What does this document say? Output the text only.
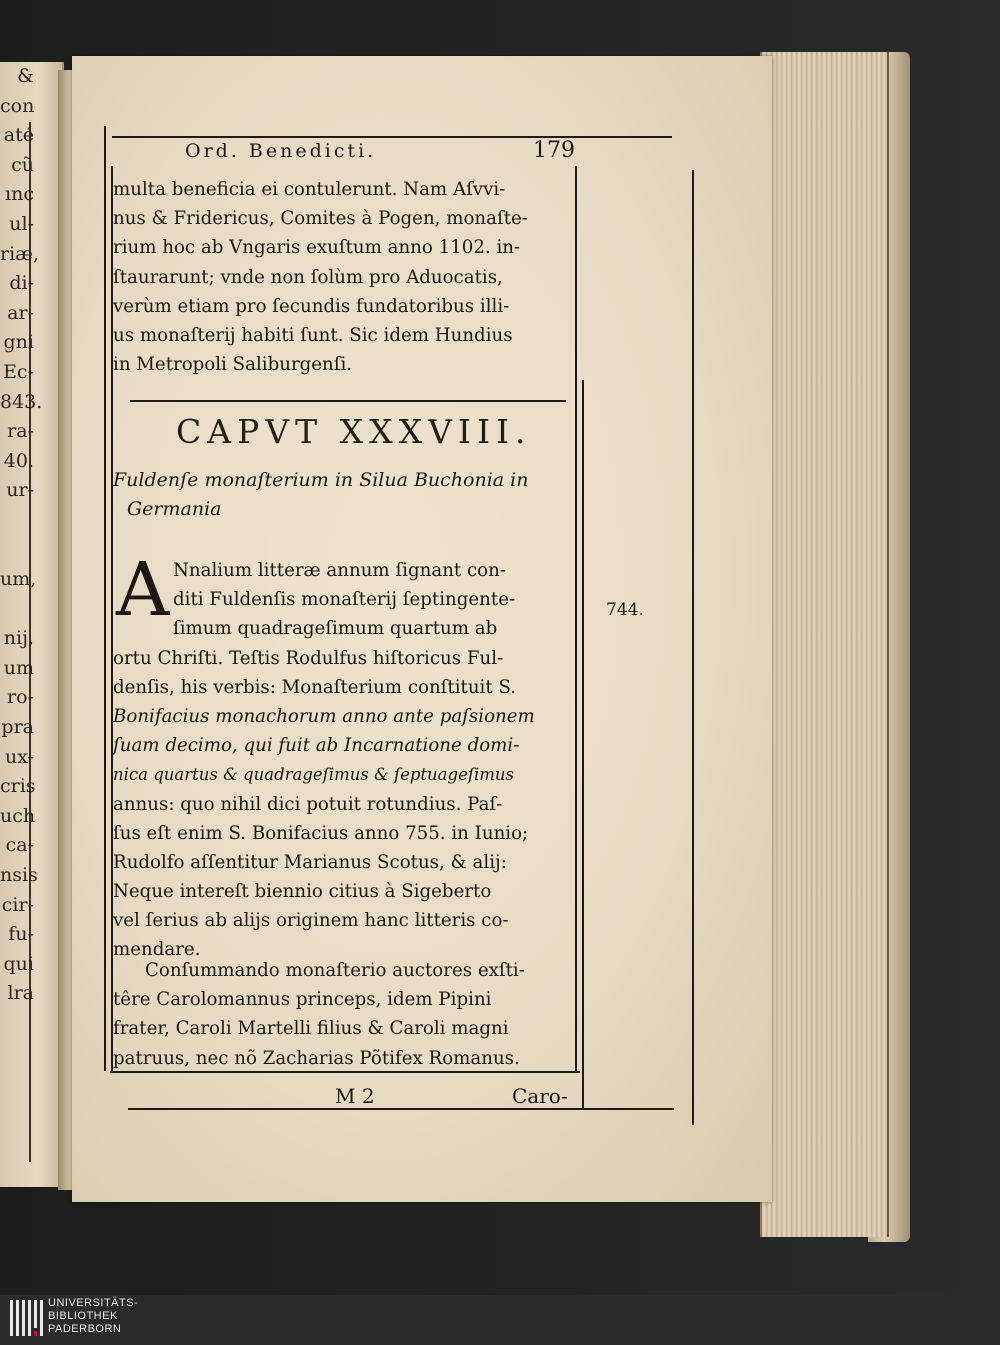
&
con
até
cũ
ınc
ul-
riæ,
di-
ar-
gni
Ec-
843.
ra-
40.
ur-
um,
nij,
um
ro-
pra
ux-
cris
uch
ca-
nsis
cir-
fu-
qui
lra
Ord. Benedicti.	179
multa beneficia ei contulerunt. Nam Aſvvi-
nus & Fridericus, Comites à Pogen, monaſte-
rium hoc ab Vngaris exuſtum anno 1102. in-
ſtaurarunt; vnde non ſolùm pro Aduocatis,
verùm etiam pro ſecundis fundatoribus illi-
us monaſterij habiti ſunt. Sic idem Hundius
in Metropoli Saliburgenſi.
CAPVT XXXVIII.
Fuldenſe monaſterium in Silua Buchonia in
Germania
A Nnalium litteræ annum ſignant con-
diti Fuldenſis monaſterij ſeptingente-
ſimum quadrageſimum quartum ab
ortu Chriſti. Teſtis Rodulfus hiſtoricus Ful-
denſis, his verbis: Monaſterium conſtituit S.
Bonifacius monachorum anno ante paſsionem
ſuam decimo, qui fuit ab Incarnatione domi-
nica quartus & quadrageſimus & ſeptuageſimus
annus: quo nihil dici potuit rotundius. Paſ-
ſus eſt enim S. Bonifacius anno 755. in Iunio;
Rudolfo aſſentitur Marianus Scotus, & alij:
Neque intereſt biennio citius à Sigeberto
vel ſerius ab alijs originem hanc litteris co-
mendare.
Conſummando monaſterio auctores exſti-
têre Carolomannus princeps, idem Pipini
frater, Caroli Martelli filius & Caroli magni
patruus, nec nõ Zacharias Põtifex Romanus.
744.
M 2	Caro-
UNIVERSITÄTS-
BIBLIOTHEK
PADERBORN
